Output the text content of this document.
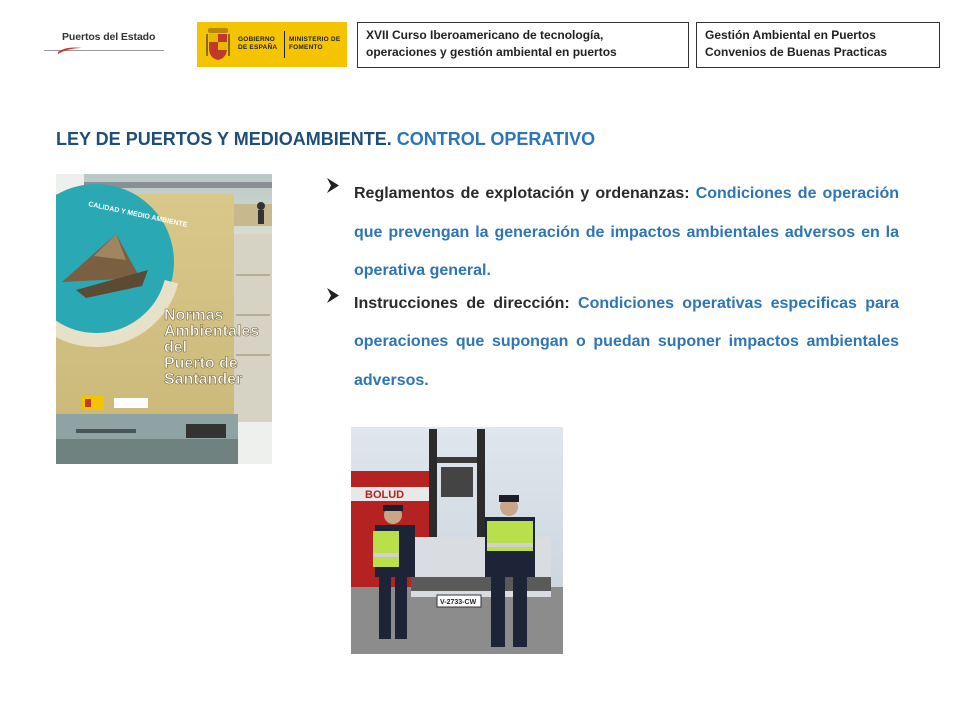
Puertos del Estado	GOBIERNO DE ESPAÑA
MINISTERIO DE FOMENTO
XVII Curso Iberoamericano de tecnología,
operaciones y gestión ambiental en puertos
Gestión Ambiental en Puertos
Convenios de Buenas Practicas
LEY DE PUERTOS Y MEDIOAMBIENTE. CONTROL OPERATIVO
CALIDAD Y MEDIO AMBIENTE
Normas
Ambientales
del
Puerto de
Santander
Reglamentos de explotación y ordenanzas: Condiciones de operación que prevengan la generación de impactos ambientales adversos en la operativa general.
Instrucciones de dirección: Condiciones operativas especificas para operaciones que supongan o puedan suponer impactos ambientales adversos.
BOLUD
V-2733-CW
